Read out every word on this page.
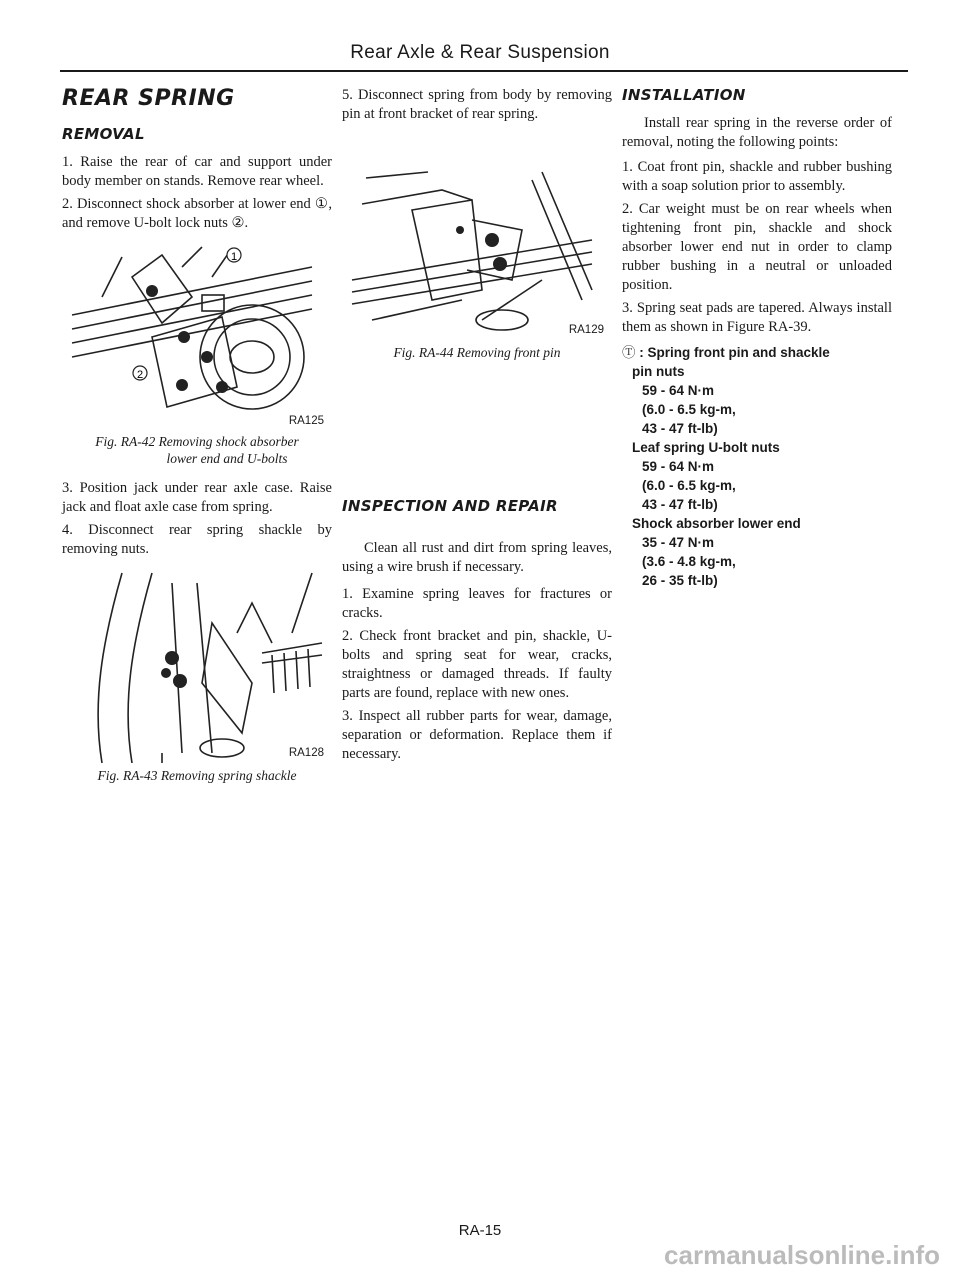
Rear Axle & Rear Suspension
REAR SPRING
REMOVAL

1. Raise the rear of car and support under body member on stands. Remove rear wheel.

2. Disconnect shock absorber at lower end ①, and remove U-bolt lock nuts ②.

1
2
RA125
Fig. RA-42 Removing shock absorber
lower end and U-bolts

3. Position jack under rear axle case. Raise jack and float axle case from spring.

4. Disconnect rear spring shackle by removing nuts.

RA128
Fig. RA-43 Removing spring shackle

5. Disconnect spring from body by removing pin at front bracket of rear spring.

RA129
Fig. RA-44 Removing front pin
INSPECTION AND REPAIR

Clean all rust and dirt from spring leaves, using a wire brush if necessary.

1. Examine spring leaves for fractures or cracks.

2. Check front bracket and pin, shackle, U-bolts and spring seat for wear, cracks, straightness or damaged threads. If faulty parts are found, replace with new ones.

3. Inspect all rubber parts for wear, damage, separation or deformation. Replace them if necessary.

INSTALLATION

Install rear spring in the reverse order of removal, noting the following points:

1. Coat front pin, shackle and rubber bushing with a soap solution prior to assembly.

2. Car weight must be on rear wheels when tightening front pin, shackle and shock absorber lower end nut in order to clamp rubber bushing in a neutral or unloaded position.

3. Spring seat pads are tapered. Always install them as shown in Figure RA-39.

Ⓣ : Spring front pin and shackle
pin nuts
59 - 64 N·m
(6.0 - 6.5 kg-m,
43 - 47 ft-lb)
Leaf spring U-bolt nuts
59 - 64 N·m
(6.0 - 6.5 kg-m,
43 - 47 ft-lb)
Shock absorber lower end
35 - 47 N·m
(3.6 - 4.8 kg-m,
26 - 35 ft-lb)
RA-15
carmanualsonline.info
